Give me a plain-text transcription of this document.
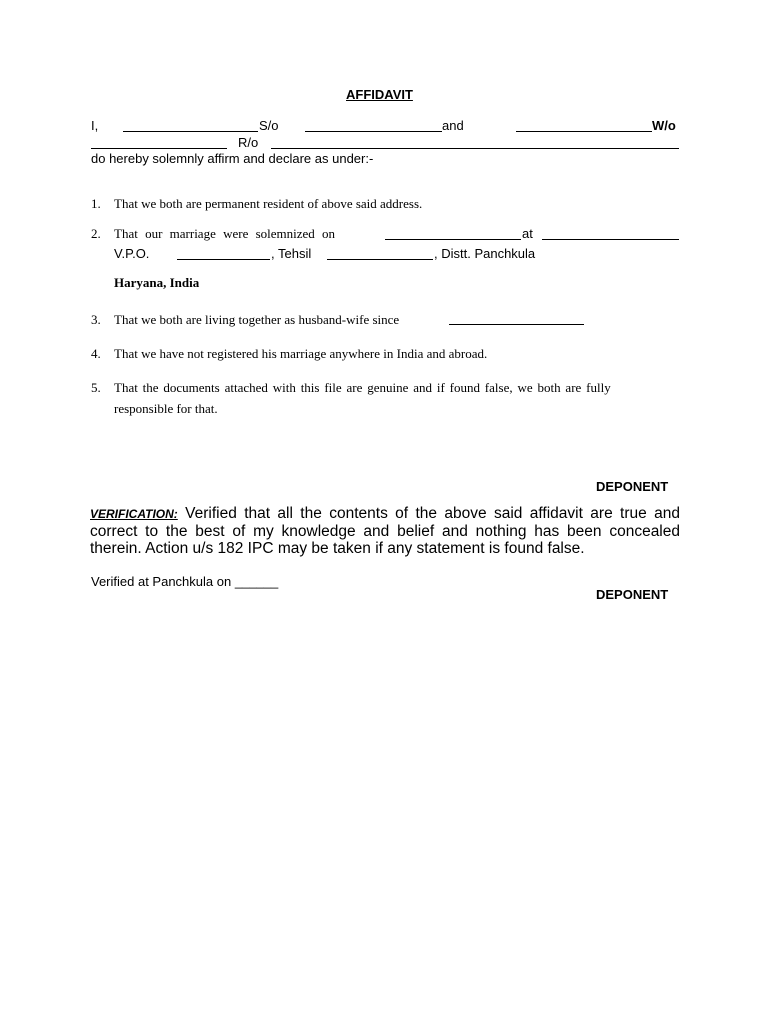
AFFIDAVIT
I,	S/o	and	W/o
R/o
do hereby solemnly affirm and declare as under:-
1. That we both are permanent resident of above said address.
2. That our marriage were solemnized on	at
V.P.O.	, Tehsil	, Distt. Panchkula
Haryana, India
3. That we both are living together as husband-wife since
4. That we have not registered his marriage anywhere in India and abroad.
5. That the documents attached with this file are genuine and if found false, we both are fully
responsible for that.
DEPONENT
VERIFICATION: Verified that all the contents of the above said affidavit are true and correct to the best of my knowledge and belief and nothing has been concealed therein. Action u/s 182 IPC may be taken if any statement is found false.
Verified at Panchkula on ______
DEPONENT
